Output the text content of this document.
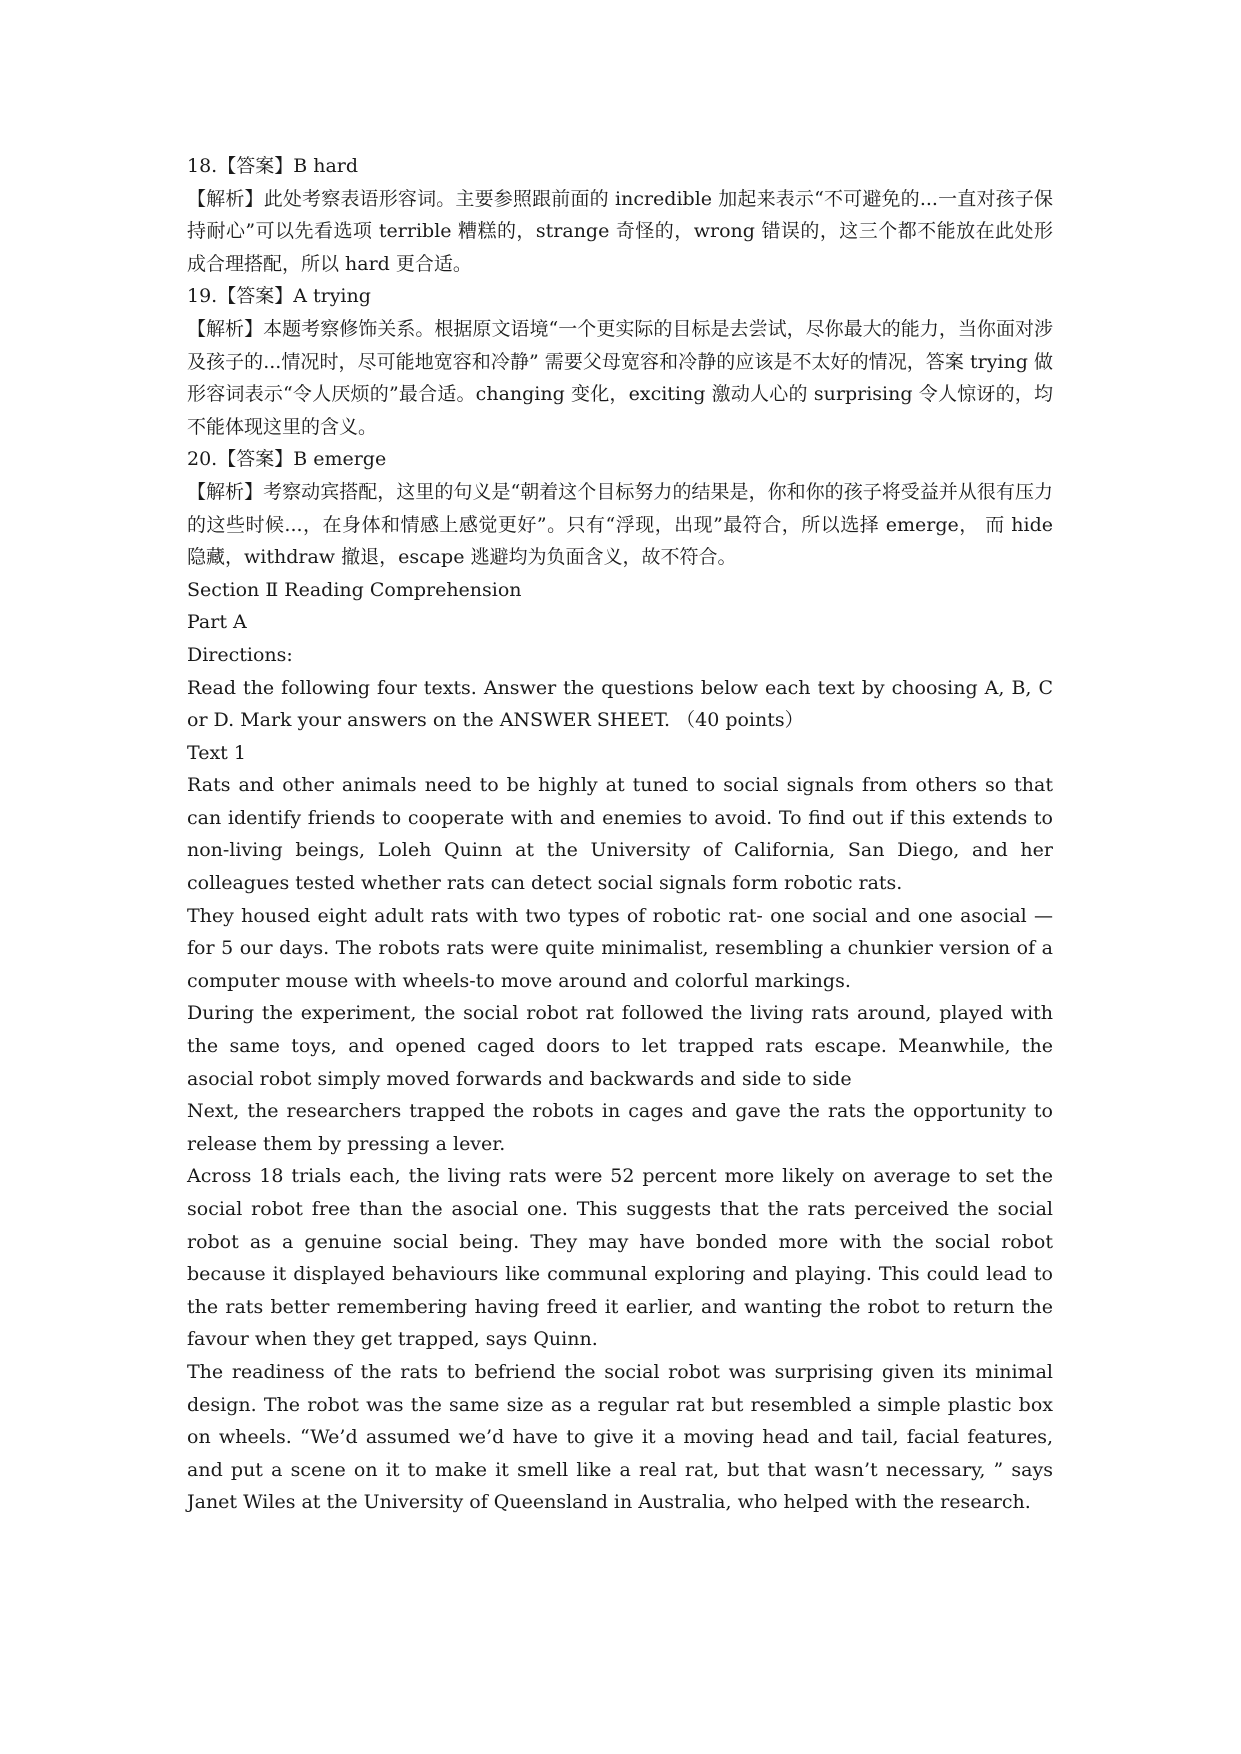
18.【答案】B hard
【解析】此处考察表语形容词。主要参照跟前面的 incredible 加起来表示“不可避免的...一直对孩子保持耐心”可以先看选项 terrible 糟糕的，strange 奇怪的，wrong 错误的，这三个都不能放在此处形成合理搭配，所以 hard 更合适。
19.【答案】A trying
【解析】本题考察修饰关系。根据原文语境“一个更实际的目标是去尝试，尽你最大的能力，当你面对涉及孩子的...情况时，尽可能地宽容和冷静” 需要父母宽容和冷静的应该是不太好的情况，答案 trying 做形容词表示“令人厌烦的”最合适。changing 变化，exciting 激动人心的 surprising 令人惊讶的，均不能体现这里的含义。
20.【答案】B emerge
【解析】考察动宾搭配，这里的句义是“朝着这个目标努力的结果是，你和你的孩子将受益并从很有压力的这些时候...，在身体和情感上感觉更好”。只有“浮现，出现”最符合，所以选择 emerge， 而 hide 隐藏，withdraw 撤退，escape 逃避均为负面含义，故不符合。
Section Ⅱ Reading Comprehension
Part A
Directions:
Read the following four texts. Answer the questions below each text by choosing A, B, C or D. Mark your answers on the ANSWER SHEET. （40 points）
Text 1
Rats and other animals need to be highly at tuned to social signals from others so that can identify friends to cooperate with and enemies to avoid. To find out if this extends to non-living beings, Loleh Quinn at the University of California, San Diego, and her colleagues tested whether rats can detect social signals form robotic rats.
They housed eight adult rats with two types of robotic rat- one social and one asocial —for 5 our days. The robots rats were quite minimalist, resembling a chunkier version of a computer mouse with wheels-to move around and colorful markings.
During the experiment, the social robot rat followed the living rats around, played with the same toys, and opened caged doors to let trapped rats escape. Meanwhile, the asocial robot simply moved forwards and backwards and side to side
Next, the researchers trapped the robots in cages and gave the rats the opportunity to release them by pressing a lever.
Across 18 trials each, the living rats were 52 percent more likely on average to set the social robot free than the asocial one. This suggests that the rats perceived the social robot as a genuine social being. They may have bonded more with the social robot because it displayed behaviours like communal exploring and playing. This could lead to the rats better remembering having freed it earlier, and wanting the robot to return the favour when they get trapped, says Quinn.
The readiness of the rats to befriend the social robot was surprising given its minimal design. The robot was the same size as a regular rat but resembled a simple plastic box on wheels. “We’d assumed we’d have to give it a moving head and tail, facial features, and put a scene on it to make it smell like a real rat, but that wasn’t necessary, ” says Janet Wiles at the University of Queensland in Australia, who helped with the research.
